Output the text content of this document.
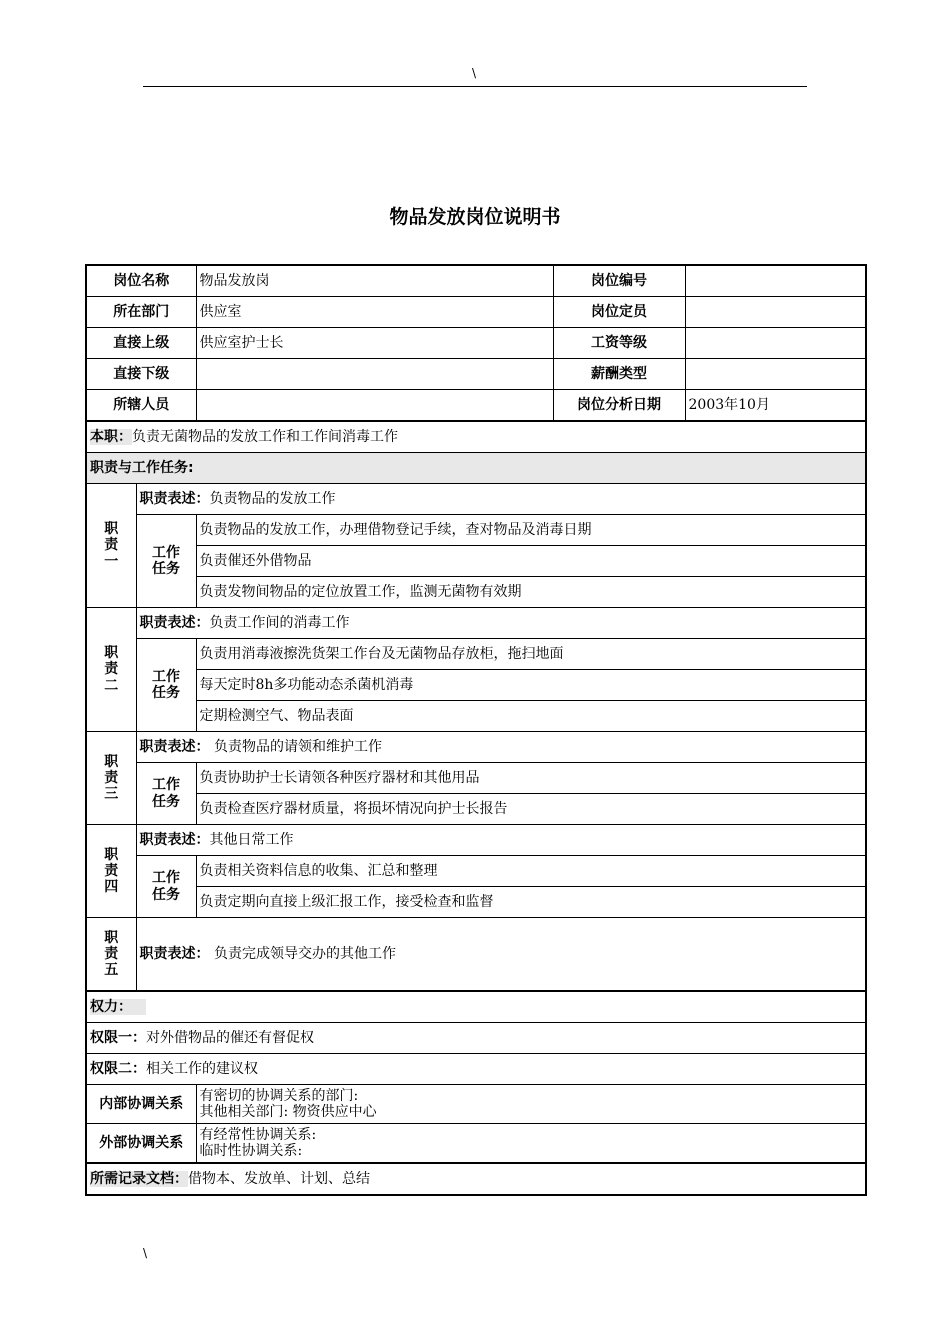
\
物品发放岗位说明书
岗位名称		物品发放岗	岗位编号	
所在部门		供应室	岗位定员	
直接上级		供应室护士长	工资等级	
直接下级			薪酬类型	
所辖人员			岗位分析日期	2003年10月
本职：负责无菌物品的发放工作和工作间消毒工作				
职责与工作任务:				

职
责
一	职责表述：负责物品的发放工作			

	工作
任务	负责物品的发放工作，办理借物登记手续，查对物品及消毒日期		
		负责催还外借物品		
		负责发物间物品的定位放置工作，监测无菌物有效期		

职
责
二	职责表述：负责工作间的消毒工作			

	工作
任务	负责用消毒液擦洗货架工作台及无菌物品存放柜，拖扫地面		
		每天定时8h多功能动态杀菌机消毒		
		定期检测空气、物品表面		

职
责
三	职责表述： 负责物品的请领和维护工作			

	工作
任务	负责协助护士长请领各种医疗器材和其他用品		
		负责检查医疗器材质量，将损坏情况向护士长报告		

职
责
四	职责表述：其他日常工作			

	工作
任务	负责相关资料信息的收集、汇总和整理		
		负责定期向直接上级汇报工作，接受检查和监督		

职
责
五	职责表述： 负责完成领导交办的其他工作			
权力：				
权限一：对外借物品的催还有督促权				
权限二：相关工作的建议权				
内部协调关系		有密切的协调关系的部门:
其他相关部门: 物资供应中心		

外部协调关系		有经常性协调关系:
临时性协调关系:		

所需记录文档：借物本、发放单、计划、总结				
\
